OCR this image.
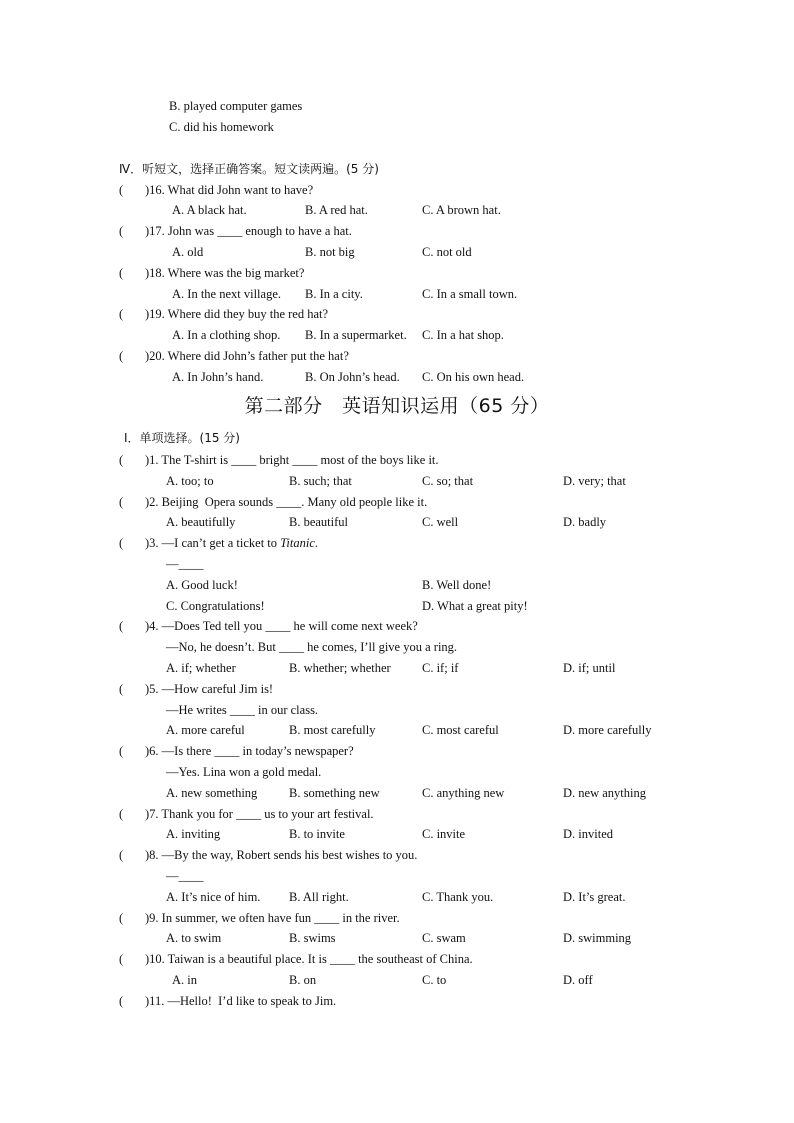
B. played computer games
C. did his homework
Ⅳ．听短文，选择正确答案。短文读两遍。(5 分)
( )16. What did John want to have?
A. A black hat.	B. A red hat.	C. A brown hat.
( )17. John was ____ enough to have a hat.
A. old	B. not big	C. not old
( )18. Where was the big market?
A. In the next village. B. In a city.	C. In a small town.
( )19. Where did they buy the red hat?
A. In a clothing shop. B. In a supermarket. C. In a hat shop.
( )20. Where did John’s father put the hat?
A. In John’s hand.	B. On John’s head. C. On his own head.
第二部分　英语知识运用（65 分）
Ⅰ．单项选择。(15 分)
( )1. The T-shirt is ____ bright ____ most of the boys like it.
A. too; to	B. such; that	C. so; that	D. very; that
( )2. Beijing  Opera sounds ____. Many old people like it.
A. beautifully	B. beautiful	C. well	D. badly
( )3. —I can’t get a ticket to Titanic.
—____
A. Good luck!	B. Well done!
C. Congratulations!	D. What a great pity!
( )4. —Does Ted tell you ____ he will come next week?
—No, he doesn’t. But ____ he comes, I’ll give you a ring.
A. if; whether	B. whether; whether	C. if; if	D. if; until
( )5. —How careful Jim is!
—He writes ____ in our class.
A. more careful	B. most carefully	C. most careful	D. more carefully
( )6. —Is there ____ in today’s newspaper?
—Yes. Lina won a gold medal.
A. new something	B. something new	C. anything new	D. new anything
( )7. Thank you for ____ us to your art festival.
A. inviting	B. to invite	C. invite	D. invited
( )8. —By the way, Robert sends his best wishes to you.
—____
A. It’s nice of him. B. All right.	C. Thank you.	D. It’s great.
( )9. In summer, we often have fun ____ in the river.
A. to swim	B. swims	C. swam	D. swimming
( )10. Taiwan is a beautiful place. It is ____ the southeast of China.
A. in	B. on	C. to	D. off
( )11. —Hello!  I’d like to speak to Jim.
